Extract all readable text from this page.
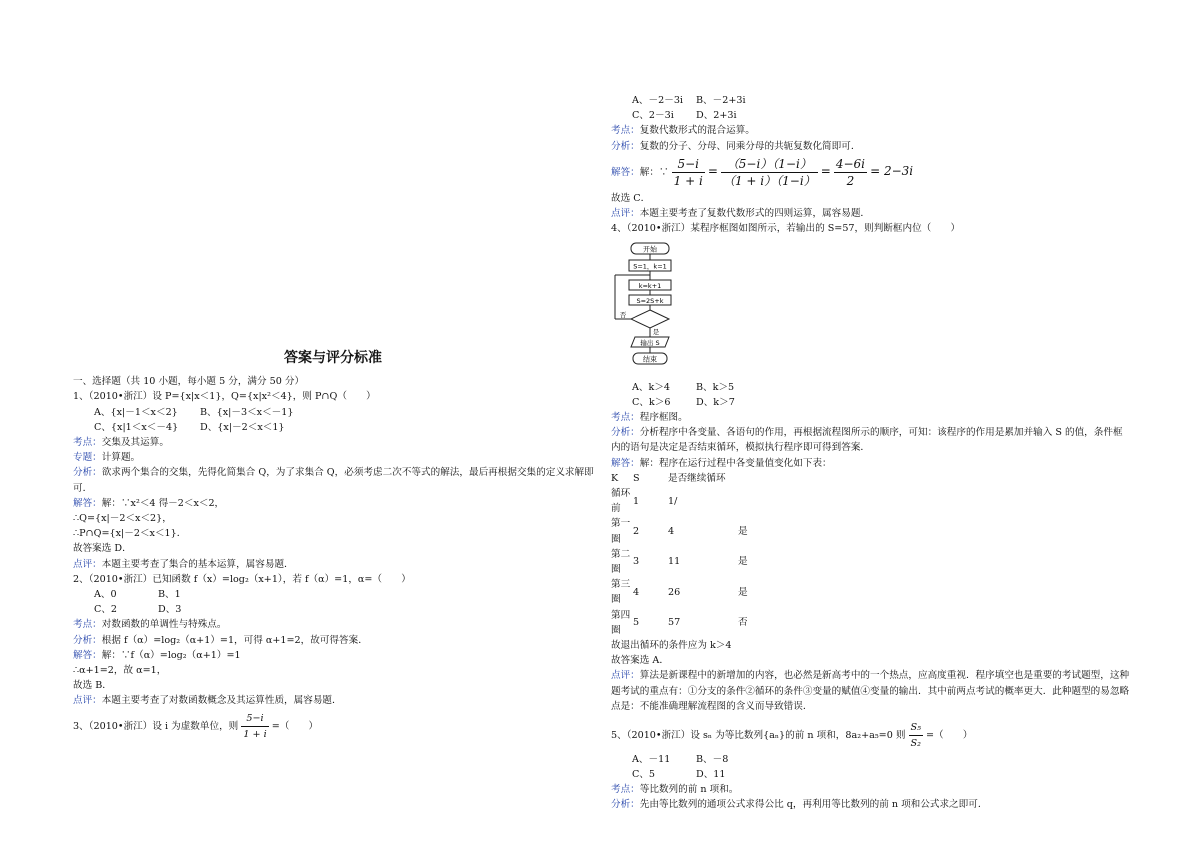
答案与评分标准
一、选择题（共 10 小题，每小题 5 分，满分 50 分）
1、（2010•浙江）设 P={x|x＜1}，Q={x|x²＜4}，则 P∩Q（　　）
A、{x|－1＜x＜2} B、{x|－3＜x＜－1}
C、{x|1＜x＜－4} D、{x|－2＜x＜1}
考点：交集及其运算。
专题：计算题。
分析：欲求两个集合的交集，先得化简集合 Q，为了求集合 Q，必须考虑二次不等式的解法，最后再根据交集的定义求解即可．
解答：解：∵x²＜4 得－2＜x＜2，
∴Q={x|－2＜x＜2}，
∴P∩Q={x|－2＜x＜1}．
故答案选 D．
点评：本题主要考查了集合的基本运算，属容易题．
2、（2010•浙江）已知函数 f（x）=log₂（x+1），若 f（α）=1，α=（　　）
A、0	B、1
C、2	D、3
考点：对数函数的单调性与特殊点。
分析：根据 f（α）=log₂（α+1）=1，可得 α+1=2，故可得答案．
解答：解：∵f（α）=log₂（α+1）=1
∴α+1=2，故 α=1，
故选 B．
点评：本题主要考查了对数函数概念及其运算性质，属容易题．
3、（2010•浙江）设 i 为虚数单位，则 $\frac{5-i}{1 + i}$ =（　　）
A、－2－3i B、－2+3i
C、2－3i D、2+3i
考点：复数代数形式的混合运算。
分析：复数的分子、分母、同乘分母的共轭复数化简即可．
解答：解：∵ $\frac{5-i}{1 + i} = \frac{(5-i)(1-i)}{(1 + i)(1-i)} = \frac{4-6i}{2} = 2-3i$
故选 C．
点评：本题主要考查了复数代数形式的四则运算，属容易题．
4、（2010•浙江）某程序框图如图所示，若输出的 S=57，则判断框内位（　　）
开始
S=1，k=1
k=k+1
S=2S+k
否
是
输出 S
结束
A、k＞4	B、k＞5
C、k＞6	D、k＞7
考点：程序框图。
分析：分析程序中各变量、各语句的作用，再根据流程图所示的顺序，可知：该程序的作用是累加并输入 S 的值，条件框内的语句是决定是否结束循环，模拟执行程序即可得到答案．
解答：解：程序在运行过程中各变量值变化如下表：
K	S	是否继续循环	
循环前	1	1/	
第一圈	2	4	是
第二圈	3	11	是
第三圈	4	26	是
第四圈	5	57	否
故退出循环的条件应为 k＞4
故答案选 A．
点评：算法是新课程中的新增加的内容，也必然是新高考中的一个热点，应高度重视．程序填空也是重要的考试题型，这种题考试的重点有：①分支的条件②循环的条件③变量的赋值④变量的输出．其中前两点考试的概率更大．此种题型的易忽略点是：不能准确理解流程图的含义而导致错误．
5、（2010•浙江）设 sₙ 为等比数列{aₙ}的前 n 项和，8a₂+a₅=0 则 $\frac{\text{S₅}}{\text{S₂}}$ =（　　）
A、－11	B、－8
C、5	D、11
考点：等比数列的前 n 项和。
分析：先由等比数列的通项公式求得公比 q，再利用等比数列的前 n 项和公式求之即可．
